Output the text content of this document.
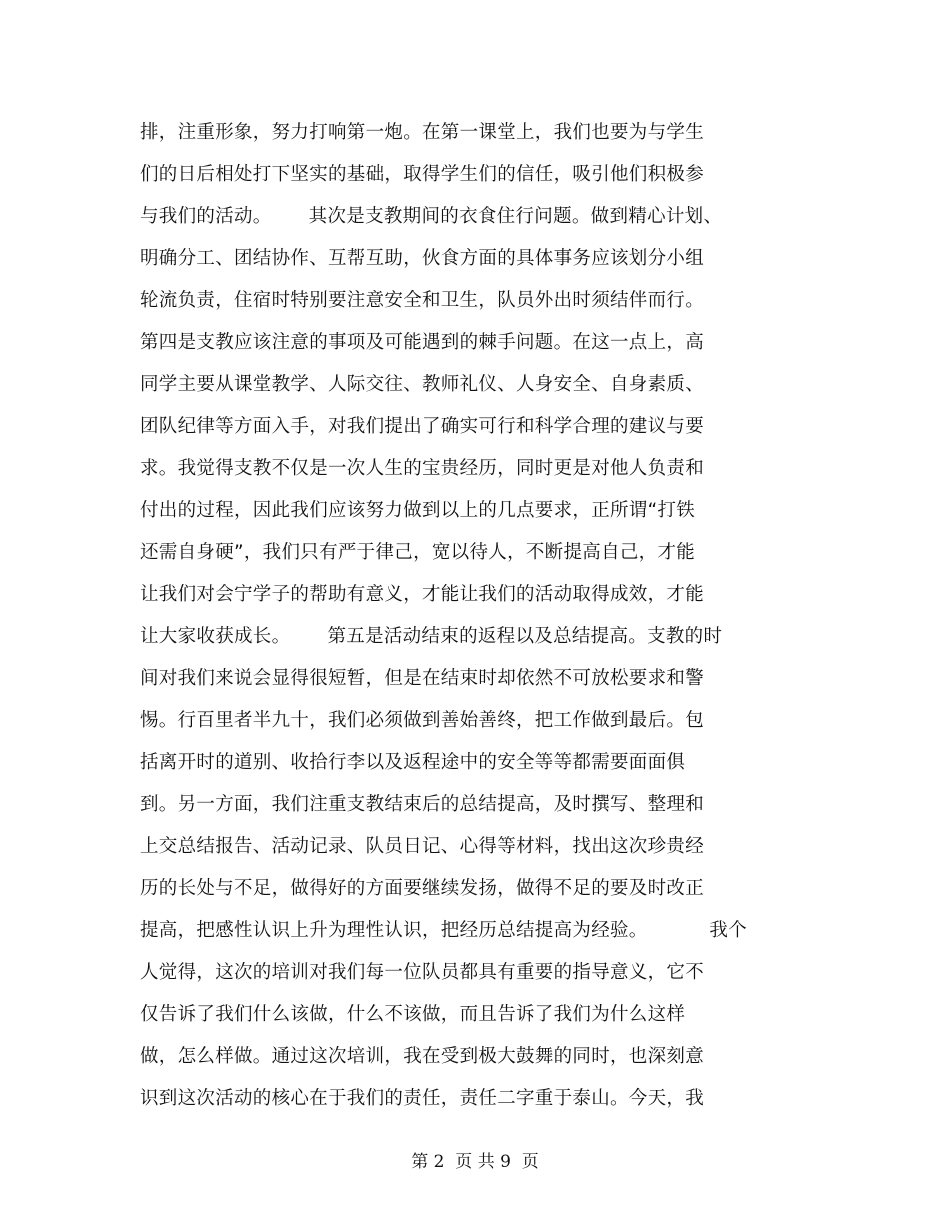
排，注重形象，努力打响第一炮。在第一课堂上，我们也要为与学生
们的日后相处打下坚实的基础，取得学生们的信任，吸引他们积极参
与我们的活动。      其次是支教期间的衣食住行问题。做到精心计划、
明确分工、团结协作、互帮互助，伙食方面的具体事务应该划分小组
轮流负责，住宿时特别要注意安全和卫生，队员外出时须结伴而行。
第四是支教应该注意的事项及可能遇到的棘手问题。在这一点上，高
同学主要从课堂教学、人际交往、教师礼仪、人身安全、自身素质、
团队纪律等方面入手，对我们提出了确实可行和科学合理的建议与要
求。我觉得支教不仅是一次人生的宝贵经历，同时更是对他人负责和
付出的过程，因此我们应该努力做到以上的几点要求，正所谓“打铁
还需自身硬”，我们只有严于律己，宽以待人，不断提高自己，才能
让我们对会宁学子的帮助有意义，才能让我们的活动取得成效，才能
让大家收获成长。      第五是活动结束的返程以及总结提高。支教的时
间对我们来说会显得很短暂，但是在结束时却依然不可放松要求和警
惕。行百里者半九十，我们必须做到善始善终，把工作做到最后。包
括离开时的道别、收拾行李以及返程途中的安全等等都需要面面俱
到。另一方面，我们注重支教结束后的总结提高，及时撰写、整理和
上交总结报告、活动记录、队员日记、心得等材料，找出这次珍贵经
历的长处与不足，做得好的方面要继续发扬，做得不足的要及时改正
提高，把感性认识上升为理性认识，把经历总结提高为经验。          我个
人觉得，这次的培训对我们每一位队员都具有重要的指导意义，它不
仅告诉了我们什么该做，什么不该做，而且告诉了我们为什么这样
做，怎么样做。通过这次培训，我在受到极大鼓舞的同时，也深刻意
识到这次活动的核心在于我们的责任，责任二字重于泰山。今天，我
第 2  页 共 9  页
